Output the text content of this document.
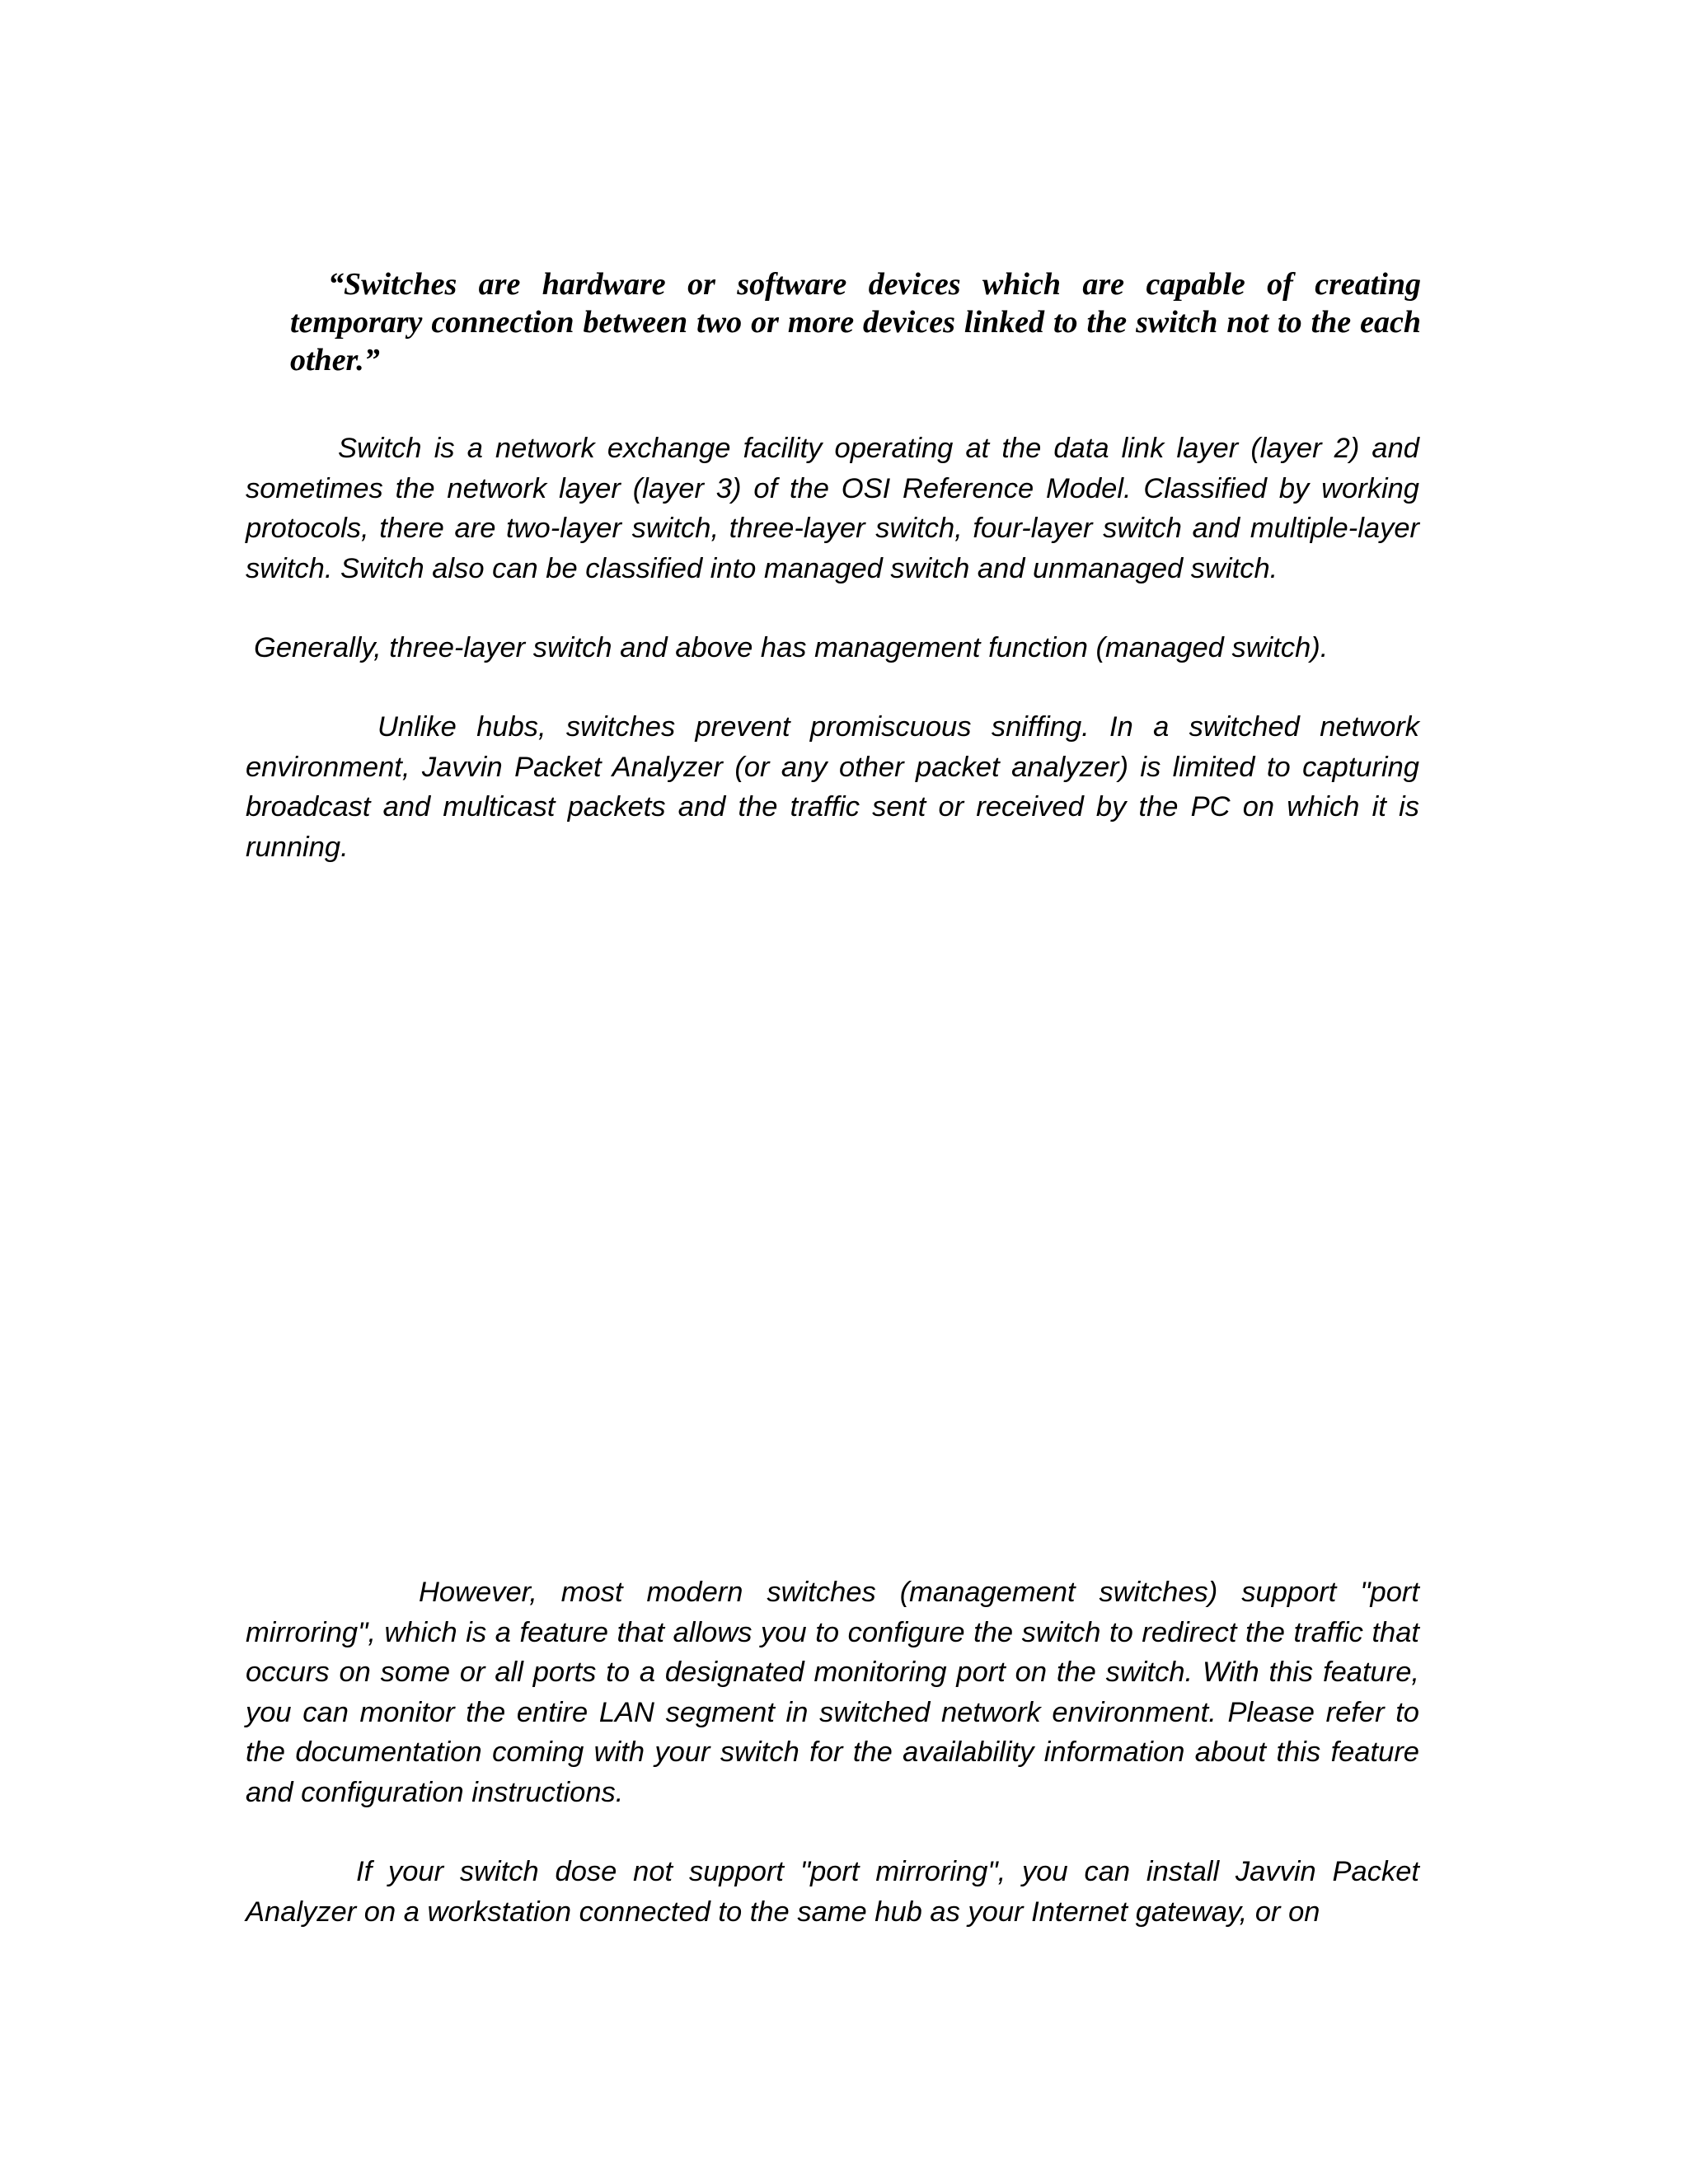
“Switches are hardware or software devices which are capable of creating temporary connection between two or more devices linked to the switch not to the each other.”

Switch is a network exchange facility operating at the data link layer (layer 2) and sometimes the network layer (layer 3) of the OSI Reference Model. Classified by working protocols, there are two-layer switch, three-layer switch, four-layer switch and multiple-layer switch. Switch also can be classified into managed switch and unmanaged switch.

Generally, three-layer switch and above has management function (managed switch).

Unlike hubs, switches prevent promiscuous sniffing. In a switched network environment, Javvin Packet Analyzer (or any other packet analyzer) is limited to capturing broadcast and multicast packets and the traffic sent or received by the PC on which it is running.

However, most modern switches (management switches) support "port mirroring", which is a feature that allows you to configure the switch to redirect the traffic that occurs on some or all ports to a designated monitoring port on the switch. With this feature, you can monitor the entire LAN segment in switched network environment. Please refer to the documentation coming with your switch for the availability information about this feature and configuration instructions.

If your switch dose not support "port mirroring", you can install Javvin Packet Analyzer on a workstation connected to the same hub as your Internet gateway, or on
